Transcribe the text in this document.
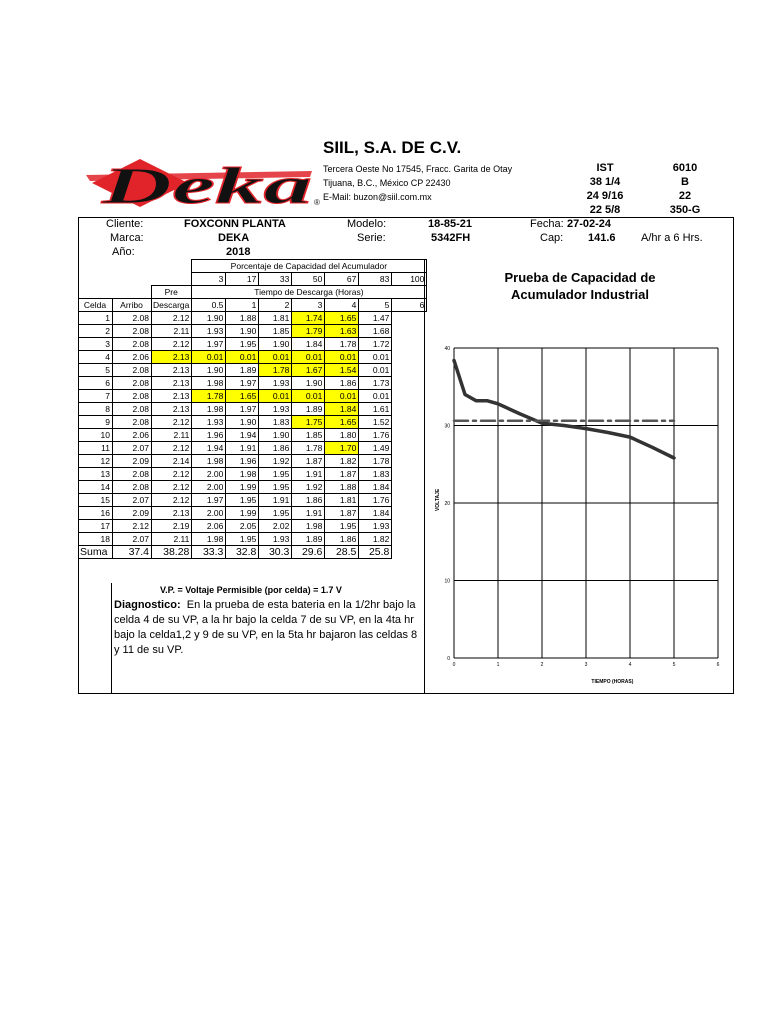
Deka ®
SIIL, S.A. DE C.V.
Tercera Oeste No 17545, Fracc. Garita de Otay
Tijuana, B.C., México CP 22430
E-Mail: buzon@siil.com.mx
IST
38 1/4
24 9/16
22 5/8
6010
B
22
350-G
Cliente:	FOXCONN PLANTA
Marca:	DEKA
Año:	2018
Modelo:	18-85-21
Serie:	5342FH
Fecha: 27-02-24
Cap: 141.6 A/hr a 6 Hrs.
			Porcentaje de Capacidad del Acumulador						
			3	17	33	50	67	83	100
		Pre	Tiempo de Descarga (Horas)						
Celda	Arribo	Descarga	0.5	1	2	3	4	5	6
1	2.08	2.12	1.90	1.88	1.81	1.74	1.65	1.47	
2	2.08	2.11	1.93	1.90	1.85	1.79	1.63	1.68	
3	2.08	2.12	1.97	1.95	1.90	1.84	1.78	1.72	
4	2.06	2.13	0.01	0.01	0.01	0.01	0.01	0.01	
5	2.08	2.13	1.90	1.89	1.78	1.67	1.54	0.01	
6	2.08	2.13	1.98	1.97	1.93	1.90	1.86	1.73	
7	2.08	2.13	1.78	1.65	0.01	0.01	0.01	0.01	
8	2.08	2.13	1.98	1.97	1.93	1.89	1.84	1.61	
9	2.08	2.12	1.93	1.90	1.83	1.75	1.65	1.52	
10	2.06	2.11	1.96	1.94	1.90	1.85	1.80	1.76	
11	2.07	2.12	1.94	1.91	1.86	1.78	1.70	1.49	
12	2.09	2.14	1.98	1.96	1.92	1.87	1.82	1.78	
13	2.08	2.12	2.00	1.98	1.95	1.91	1.87	1.83	
14	2.08	2.12	2.00	1.99	1.95	1.92	1.88	1.84	
15	2.07	2.12	1.97	1.95	1.91	1.86	1.81	1.76	
16	2.09	2.13	2.00	1.99	1.95	1.91	1.87	1.84	
17	2.12	2.19	2.06	2.05	2.02	1.98	1.95	1.93	
18	2.07	2.11	1.98	1.95	1.93	1.89	1.86	1.82	
Suma	37.4	38.28	33.3	32.8	30.3	29.6	28.5	25.8	
V.P. = Voltaje Permisible (por celda) = 1.7 V
Diagnostico: En la prueba de esta bateria en la 1/2hr bajo la celda 4 de su VP, a la hr bajo la celda 7 de su VP, en la 4ta hr bajo la celda1,2 y 9 de su VP, en la 5ta hr bajaron las celdas 8 y 11 de su VP.
Prueba de Capacidad de
Acumulador Industrial
0	1	2	3	4	5	6
0
10
20
30
40
TIEMPO (HORAS)
VOLTAJE
